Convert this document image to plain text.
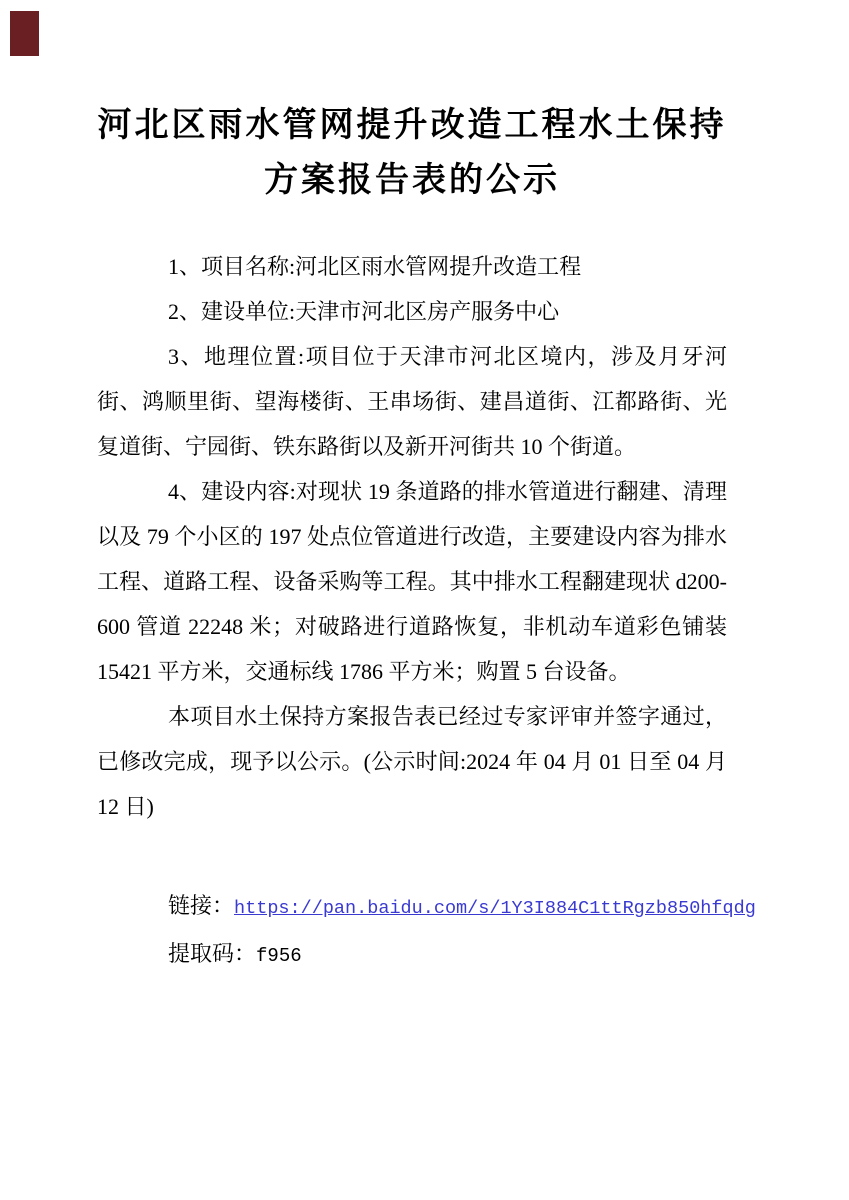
河北区雨水管网提升改造工程水土保持
方案报告表的公示

1、项目名称:河北区雨水管网提升改造工程

2、建设单位:天津市河北区房产服务中心

3、地理位置:项目位于天津市河北区境内，涉及月牙河街、鸿顺里街、望海楼街、王串场街、建昌道街、江都路街、光复道街、宁园街、铁东路街以及新开河街共 10 个街道。

4、建设内容:对现状 19 条道路的排水管道进行翻建、清理以及 79 个小区的 197 处点位管道进行改造，主要建设内容为排水工程、道路工程、设备采购等工程。其中排水工程翻建现状 d200-600 管道 22248 米；对破路进行道路恢复，非机动车道彩色铺装 15421 平方米，交通标线 1786 平方米；购置 5 台设备。

本项目水土保持方案报告表已经过专家评审并签字通过，已修改完成，现予以公示。(公示时间:2024 年 04 月 01 日至 04 月 12 日)

链接：https://pan.baidu.com/s/1Y3I884C1ttRgzb850hfqdg
提取码：f956
